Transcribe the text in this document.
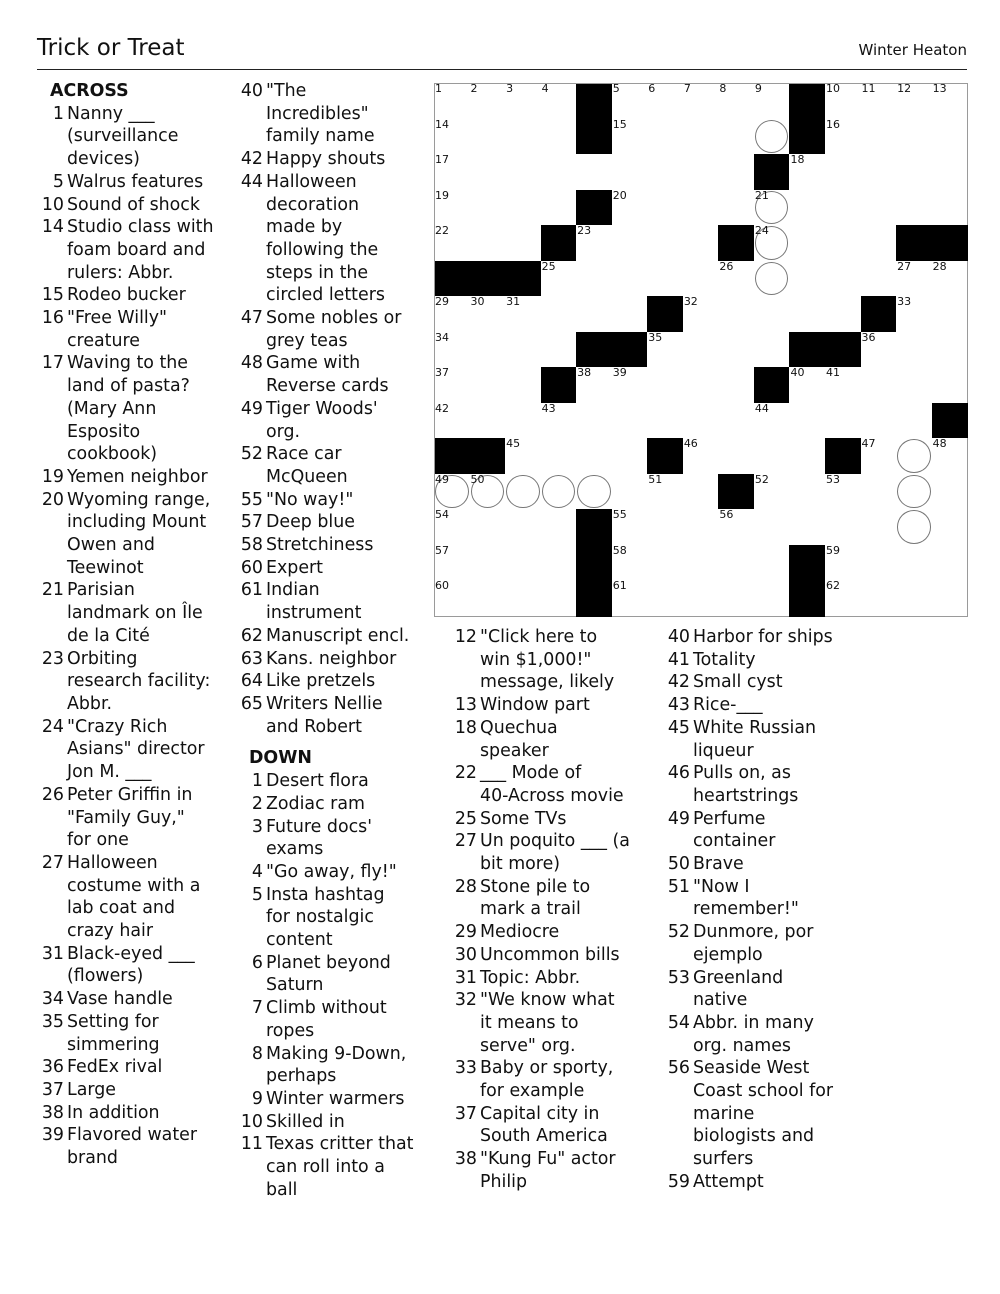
Trick or Treat	Winter Heaton
ACROSS
1 Nanny ___
(surveillance
devices)
5 Walrus features
10 Sound of shock
14 Studio class with
foam board and
rulers: Abbr.
15 Rodeo bucker
16 "Free Willy"
creature
17 Waving to the
land of pasta?
(Mary Ann
Esposito
cookbook)
19 Yemen neighbor
20 Wyoming range,
including Mount
Owen and
Teewinot
21 Parisian
landmark on Île
de la Cité
23 Orbiting
research facility:
Abbr.
24 "Crazy Rich
Asians" director
Jon M. ___
26 Peter Griffin in
"Family Guy,"
for one
27 Halloween
costume with a
lab coat and
crazy hair
31 Black-eyed ___
(flowers)
34 Vase handle
35 Setting for
simmering
36 FedEx rival
37 Large
38 In addition
39 Flavored water
brand
40 "The
Incredibles"
family name
42 Happy shouts
44 Halloween
decoration
made by
following the
steps in the
circled letters
47 Some nobles or
grey teas
48 Game with
Reverse cards
49 Tiger Woods'
org.
52 Race car
McQueen
55 "No way!"
57 Deep blue
58 Stretchiness
60 Expert
61 Indian
instrument
62 Manuscript encl.
63 Kans. neighbor
64 Like pretzels
65 Writers Nellie
and Robert
DOWN
1 Desert flora
2 Zodiac ram
3 Future docs'
exams
4 "Go away, fly!"
5 Insta hashtag
for nostalgic
content
6 Planet beyond
Saturn
7 Climb without
ropes
8 Making 9-Down,
perhaps
9 Winter warmers
10 Skilled in
11 Texas critter that
can roll into a
ball
12 "Click here to
win $1,000!"
message, likely
13 Window part
18 Quechua
speaker
22 ___ Mode of
40-Across movie
25 Some TVs
27 Un poquito ___ (a
bit more)
28 Stone pile to
mark a trail
29 Mediocre
30 Uncommon bills
31 Topic: Abbr.
32 "We know what
it means to
serve" org.
33 Baby or sporty,
for example
37 Capital city in
South America
38 "Kung Fu" actor
Philip
40 Harbor for ships
41 Totality
42 Small cyst
43 Rice-___
45 White Russian
liqueur
46 Pulls on, as
heartstrings
49 Perfume
container
50 Brave
51 "Now I
remember!"
52 Dunmore, por
ejemplo
53 Greenland
native
54 Abbr. in many
org. names
56 Seaside West
Coast school for
marine
biologists and
surfers
59 Attempt
1	2	3	4	5	6	7	8	9	10 11 12 13
14	15	16
17	18
19	20	21
22	23	24
25	26	27 28
29 30 31	32	33
34	35	36
37	38 39	40 41
42	43	44
45	46	47	48
49 50	51	52	53
54	55	56
57	58	59
60	61	62
